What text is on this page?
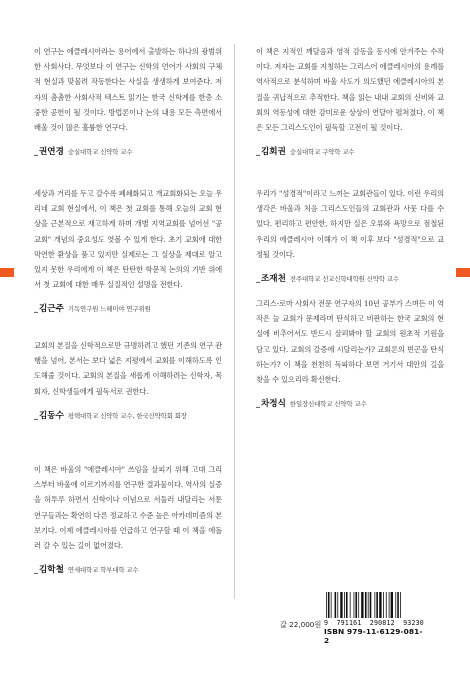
이 연구는 에클레시아라는 용어에서 출발하는 하나의 광범위한 사회사다. 무엇보다 이 연구는 신학의 언어가 사회의 구체적 현실과 맞물려 작동한다는 사실을 생생하게 보여준다. 저자의 촘촘한 사회사적 텍스트 읽기는 한국 신학계를 한층 소중한 공헌이 될 것이다. 방법론이나 논의 내용 모든 측면에서 배울 것이 많은 훌륭한 연구다.

_권연경 숭실대학교 신약학 교수

이 책은 지적인 깨달음과 영적 감동을 동시에 안겨주는 수작이다. 저자는 교회를 지칭하는 그리스어 에클레시아의 용례를 역사적으로 분석하며 바울 사도가 의도했던 에클레시아의 본질을 귀납적으로 추적한다. 책을 읽는 내내 교회의 신비와 교회의 역동성에 대한 감미로운 상상이 연달아 펼쳐졌다. 이 책은 모든 그리스도인이 필독할 고전이 될 것이다.

_김회권 숭실대학교 구약학 교수

세상과 거리를 두고 갈수록 폐쇄화되고 개교회화되는 오늘 우리네 교회 현실에서, 이 책은 첫 교회를 통해 오늘의 교회 현상을 근본적으로 재고하게 하며 개별 지역교회를 넘어선 "공교회" 개념의 중요성도 엿볼 수 있게 한다. 초기 교회에 대한 막연한 환상을 품고 있지만 실제로는 그 실상을 제대로 알고 있지 못한 우리에게 이 책은 탄탄한 학문적 논의의 기반 위에서 첫 교회에 대한 매우 실질적인 설명을 전한다.

_김근주 기독연구원 느헤미야 연구위원

우리가 "성경적"이라고 느끼는 교회관들이 있다. 이런 우리의 생각은 바울과 처음 그리스도인들의 교회관과 사뭇 다를 수 있다. 편리하고 편안한, 하지만 실은 오류와 욕망으로 점철된 우리의 에클레시아 이해가 이 책 이후 보다 "성경적"으로 교정될 것이다.

_조재천 전주대학교 선교신학대학원 신약학 교수

그리스-로마 사회사 전문 연구자의 10년 공부가 스며든 이 역작은 늘 교회가 문제라며 탄식하고 비판하는 한국 교회의 현실에 비추어서도 반드시 살펴봐야 할 교회의 원초적 기원을 담고 있다. 교회의 갈증에 시달리는가? 교회론의 빈곤을 탄식하는가? 이 책을 천천히 독파하다 보면 거기서 대안의 길을 찾을 수 있으리라 확신한다.

_차정식 한일장신대학교 신약학 교수

교회의 본질을 신학적으로만 규명하려고 했던 기존의 연구 관행을 넘어, 본서는 보다 넓은 지평에서 교회를 이해하도록 인도해줄 것이다. 교회의 본질을 새롭게 이해하려는 신학자, 목회자, 신학생들에게 필독서로 권한다.

_김동수 평택대학교 신약학 교수, 한국신약학회 회장

이 책은 바울의 "에클레시아" 쓰임을 살피기 위해 고대 그리스부터 바울에 이르기까지를 연구한 결과물이다. 역사의 실증을 허투루 하면서 신학이나 이념으로 서둘러 내달리는 서툰 연구들과는 확연히 다른 정교하고 수준 높은 아카데미즘의 본보기다. 이제 에클레시아를 언급하고 연구할 때 이 책을 에돌러 갈 수 있는 길이 없어졌다.

_김학철 연세대학교 학부대학 교수
값 22,000원 9 791161 290812 93230
ISBN 979-11-6129-081-2
